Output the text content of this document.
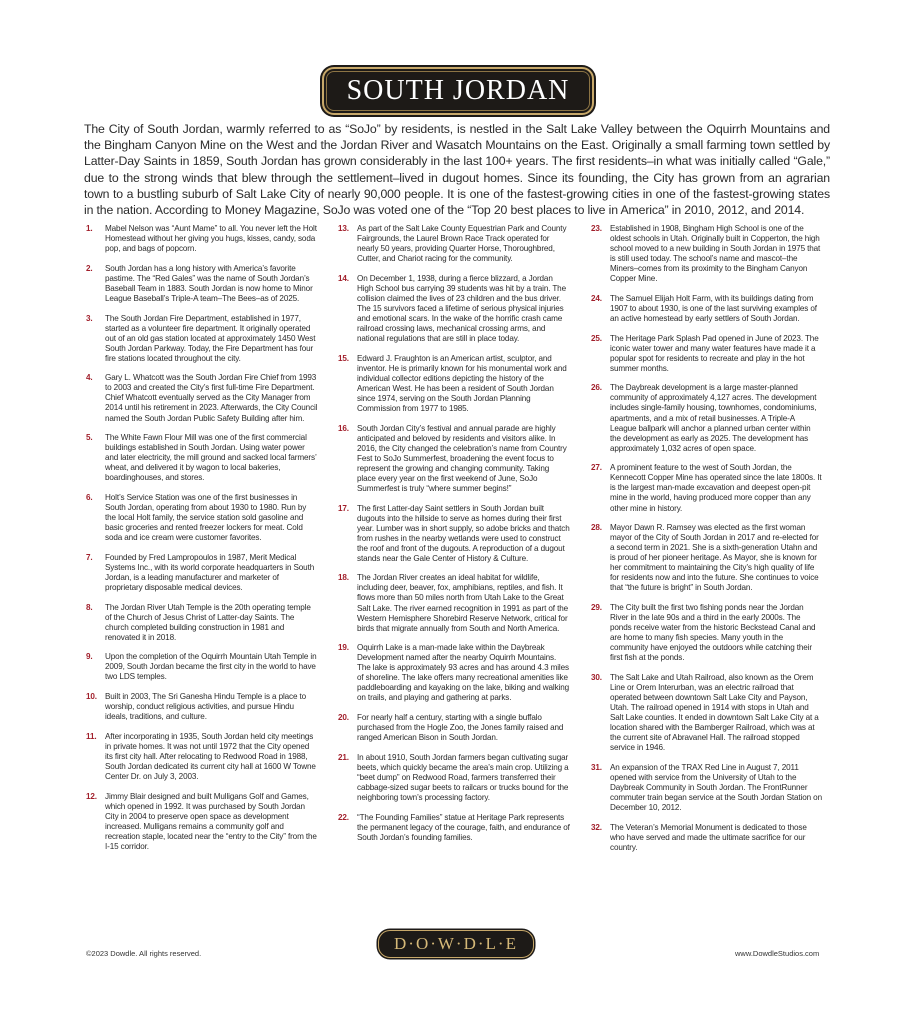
SOUTH JORDAN

The City of South Jordan, warmly referred to as “SoJo” by residents, is nestled in the Salt Lake Valley between the Oquirrh Mountains and the Bingham Canyon Mine on the West and the Jordan River and Wasatch Mountains on the East. Originally a small farming town settled by Latter-Day Saints in 1859, South Jordan has grown considerably in the last 100+ years. The first residents–in what was initially called “Gale,” due to the strong winds that blew through the settlement–lived in dugout homes. Since its founding, the City has grown from an agrarian town to a bustling suburb of Salt Lake City of nearly 90,000 people. It is one of the fastest-growing cities in one of the fastest-growing states in the nation. According to Money Magazine, SoJo was voted one of the “Top 20 best places to live in America” in 2010, 2012, and 2014.

1.	Mabel Nelson was “Aunt Mame” to all. You never left the Holt Homestead without her giving you hugs, kisses, candy, soda pop, and bags of popcorn.
2.	South Jordan has a long history with America’s favorite pastime. The “Red Gales” was the name of South Jordan’s Baseball Team in 1883. South Jordan is now home to Minor League Baseball’s Triple-A team–The Bees–as of 2025.
3.	The South Jordan Fire Department, established in 1977, started as a volunteer fire department. It originally operated out of an old gas station located at approximately 1450 West South Jordan Parkway. Today, the Fire Department has four fire stations located throughout the city.
4.	Gary L. Whatcott was the South Jordan Fire Chief from 1993 to 2003 and created the City’s first full-time Fire Department. Chief Whatcott eventually served as the City Manager from 2014 until his retirement in 2023. Afterwards, the City Council named the South Jordan Public Safety Building after him.
5.	The White Fawn Flour Mill was one of the first commercial buildings established in South Jordan. Using water power and later electricity, the mill ground and sacked local farmers’ wheat, and delivered it by wagon to local bakeries, boardinghouses, and stores.
6.	Holt’s Service Station was one of the first businesses in South Jordan, operating from about 1930 to 1980. Run by the local Holt family, the service station sold gasoline and basic groceries and rented freezer lockers for meat. Cold soda and ice cream were customer favorites.
7.	Founded by Fred Lampropoulos in 1987, Merit Medical Systems Inc., with its world corporate headquarters in South Jordan, is a leading manufacturer and marketer of proprietary disposable medical devices.
8.	The Jordan River Utah Temple is the 20th operating temple of the Church of Jesus Christ of Latter-day Saints. The church completed building construction in 1981 and renovated it in 2018.
9.	Upon the completion of the Oquirrh Mountain Utah Temple in 2009, South Jordan became the first city in the world to have two LDS temples.
10. Built in 2003, The Sri Ganesha Hindu Temple is a place to worship, conduct religious activities, and pursue Hindu ideals, traditions, and culture.
11.	After incorporating in 1935, South Jordan held city meetings in private homes. It was not until 1972 that the City opened its first city hall. After relocating to Redwood Road in 1988, South Jordan dedicated its current city hall at 1600 W Towne Center Dr. on July 3, 2003.
12. Jimmy Blair designed and built Mulligans Golf and Games, which opened in 1992. It was purchased by South Jordan City in 2004 to preserve open space as development increased. Mulligans remains a community golf and recreation staple, located near the “entry to the City” from the I-15 corridor.
13. As part of the Salt Lake County Equestrian Park and County Fairgrounds, the Laurel Brown Race Track operated for nearly 50 years, providing Quarter Horse, Thoroughbred, Cutter, and Chariot racing for the community.
14. On December 1, 1938, during a fierce blizzard, a Jordan High School bus carrying 39 students was hit by a train. The collision claimed the lives of 23 children and the bus driver. The 15 survivors faced a lifetime of serious physical injuries and emotional scars. In the wake of the horrific crash came railroad crossing laws, mechanical crossing arms, and national regulations that are still in place today.
15. Edward J. Fraughton is an American artist, sculptor, and inventor. He is primarily known for his monumental work and individual collector editions depicting the history of the American West. He has been a resident of South Jordan since 1974, serving on the South Jordan Planning Commission from 1977 to 1985.
16. South Jordan City’s festival and annual parade are highly anticipated and beloved by residents and visitors alike. In 2016, the City changed the celebration’s name from Country Fest to SoJo Summerfest, broadening the event focus to represent the growing and changing community. Taking place every year on the first weekend of June, SoJo Summerfest is truly “where summer begins!”
17. The first Latter-day Saint settlers in South Jordan built dugouts into the hillside to serve as homes during their first year. Lumber was in short supply, so adobe bricks and thatch from rushes in the nearby wetlands were used to construct the roof and front of the dugouts. A reproduction of a dugout stands near the Gale Center of History & Culture.
18. The Jordan River creates an ideal habitat for wildlife, including deer, beaver, fox, amphibians, reptiles, and fish. It flows more than 50 miles north from Utah Lake to the Great Salt Lake. The river earned recognition in 1991 as part of the Western Hemisphere Shorebird Reserve Network, critical for birds that migrate annually from South and North America.
19. Oquirrh Lake is a man-made lake within the Daybreak Development named after the nearby Oquirrh Mountains. The lake is approximately 93 acres and has around 4.3 miles of shoreline. The lake offers many recreational amenities like paddleboarding and kayaking on the lake, biking and walking on trails, and playing and gathering at parks.
20. For nearly half a century, starting with a single buffalo purchased from the Hogle Zoo, the Jones family raised and ranged American Bison in South Jordan.
21. In about 1910, South Jordan farmers began cultivating sugar beets, which quickly became the area’s main crop. Utilizing a “beet dump” on Redwood Road, farmers transferred their cabbage-sized sugar beets to railcars or trucks bound for the neighboring town’s processing factory.
22. “The Founding Families” statue at Heritage Park represents the permanent legacy of the courage, faith, and endurance of South Jordan’s founding families.
23. Established in 1908, Bingham High School is one of the oldest schools in Utah. Originally built in Copperton, the high school moved to a new building in South Jordan in 1975 that is still used today. The school’s name and mascot–the Miners–comes from its proximity to the Bingham Canyon Copper Mine.
24. The Samuel Elijah Holt Farm, with its buildings dating from 1907 to about 1930, is one of the last surviving examples of an active homestead by early settlers of South Jordan.
25. The Heritage Park Splash Pad opened in June of 2023. The iconic water tower and many water features have made it a popular spot for residents to recreate and play in the hot summer months.
26. The Daybreak development is a large master-planned community of approximately 4,127 acres. The development includes single-family housing, townhomes, condominiums, apartments, and a mix of retail businesses. A Triple-A League ballpark will anchor a planned urban center within the development as early as 2025. The development has approximately 1,032 acres of open space.
27. A prominent feature to the west of South Jordan, the Kennecott Copper Mine has operated since the late 1800s. It is the largest man-made excavation and deepest open-pit mine in the world, having produced more copper than any other mine in history.
28. Mayor Dawn R. Ramsey was elected as the first woman mayor of the City of South Jordan in 2017 and re-elected for a second term in 2021. She is a sixth-generation Utahn and is proud of her pioneer heritage. As Mayor, she is known for her commitment to maintaining the City’s high quality of life for residents now and into the future. She continues to voice that “the future is bright” in South Jordan.
29. The City built the first two fishing ponds near the Jordan River in the late 90s and a third in the early 2000s. The ponds receive water from the historic Beckstead Canal and are home to many fish species. Many youth in the community have enjoyed the outdoors while catching their first fish at the ponds.
30. The Salt Lake and Utah Railroad, also known as the Orem Line or Orem Interurban, was an electric railroad that operated between downtown Salt Lake City and Payson, Utah. The railroad opened in 1914 with stops in Utah and Salt Lake counties. It ended in downtown Salt Lake City at a location shared with the Bamberger Railroad, which was at the current site of Abravanel Hall. The railroad stopped service in 1946.
31. An expansion of the TRAX Red Line in August 7, 2011 opened with service from the University of Utah to the Daybreak Community in South Jordan. The FrontRunner commuter train began service at the South Jordan Station on December 10, 2012.
32. The Veteran’s Memorial Monument is dedicated to those who have served and made the ultimate sacrifice for our country.
D·O·W·D·L·E
©2023 Dowdle. All rights reserved.	www.DowdleStudios.com
